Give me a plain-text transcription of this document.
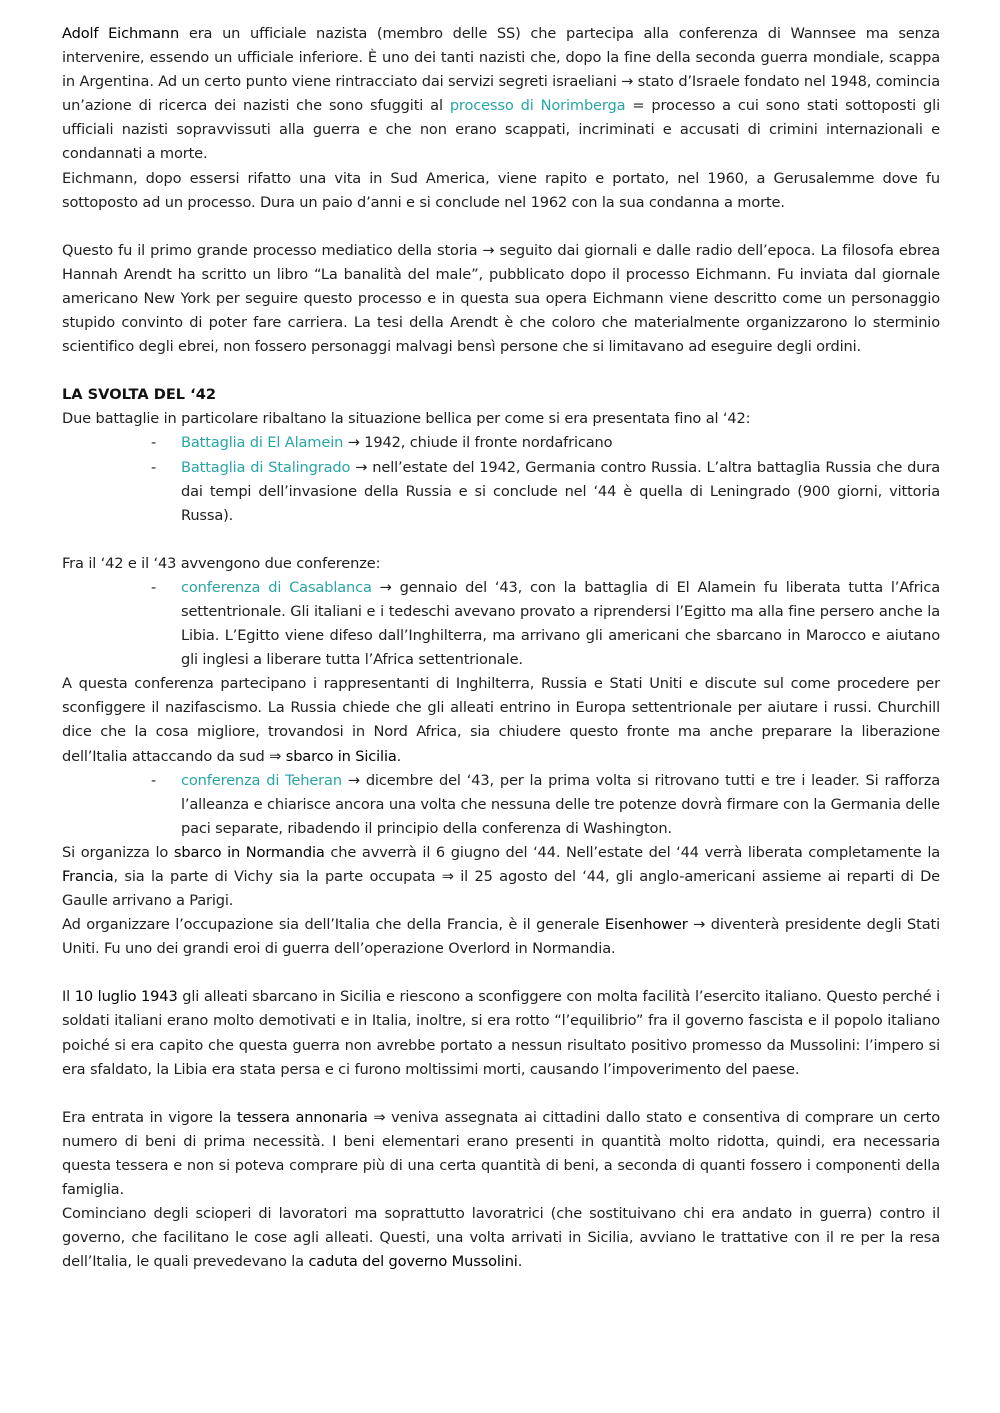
Adolf Eichmann era un ufficiale nazista (membro delle SS) che partecipa alla conferenza di Wannsee ma senza intervenire, essendo un ufficiale inferiore. È uno dei tanti nazisti che, dopo la fine della seconda guerra mondiale, scappa in Argentina. Ad un certo punto viene rintracciato dai servizi segreti israeliani → stato d’Israele fondato nel 1948, comincia un’azione di ricerca dei nazisti che sono sfuggiti al processo di Norimberga = processo a cui sono stati sottoposti gli ufficiali nazisti sopravvissuti alla guerra e che non erano scappati, incriminati e accusati di crimini internazionali e condannati a morte.

Eichmann, dopo essersi rifatto una vita in Sud America, viene rapito e portato, nel 1960, a Gerusalemme dove fu sottoposto ad un processo. Dura un paio d’anni e si conclude nel 1962 con la sua condanna a morte.

Questo fu il primo grande processo mediatico della storia → seguito dai giornali e dalle radio dell’epoca. La filosofa ebrea Hannah Arendt ha scritto un libro “La banalità del male”, pubblicato dopo il processo Eichmann. Fu inviata dal giornale americano New York per seguire questo processo e in questa sua opera Eichmann viene descritto come un personaggio stupido convinto di poter fare carriera. La tesi della Arendt è che coloro che materialmente organizzarono lo sterminio scientifico degli ebrei, non fossero personaggi malvagi bensì persone che si limitavano ad eseguire degli ordini.

LA SVOLTA DEL ‘42

Due battaglie in particolare ribaltano la situazione bellica per come si era presentata fino al ‘42:

- Battaglia di El Alamein → 1942, chiude il fronte nordafricano
- Battaglia di Stalingrado → nell’estate del 1942, Germania contro Russia. L’altra battaglia Russia che dura dai tempi dell’invasione della Russia e si conclude nel ‘44 è quella di Leningrado (900 giorni, vittoria Russa).

Fra il ‘42 e il ‘43 avvengono due conferenze:

- conferenza di Casablanca → gennaio del ‘43, con la battaglia di El Alamein fu liberata tutta l’Africa settentrionale. Gli italiani e i tedeschi avevano provato a riprendersi l’Egitto ma alla fine persero anche la Libia. L’Egitto viene difeso dall’Inghilterra, ma arrivano gli americani che sbarcano in Marocco e aiutano gli inglesi a liberare tutta l’Africa settentrionale.

A questa conferenza partecipano i rappresentanti di Inghilterra, Russia e Stati Uniti e discute sul come procedere per sconfiggere il nazifascismo. La Russia chiede che gli alleati entrino in Europa settentrionale per aiutare i russi. Churchill dice che la cosa migliore, trovandosi in Nord Africa, sia chiudere questo fronte ma anche preparare la liberazione dell’Italia attaccando da sud ⇒ sbarco in Sicilia.

- conferenza di Teheran → dicembre del ‘43, per la prima volta si ritrovano tutti e tre i leader. Si rafforza l’alleanza e chiarisce ancora una volta che nessuna delle tre potenze dovrà firmare con la Germania delle paci separate, ribadendo il principio della conferenza di Washington.

Si organizza lo sbarco in Normandia che avverrà il 6 giugno del ‘44. Nell’estate del ‘44 verrà liberata completamente la Francia, sia la parte di Vichy sia la parte occupata ⇒ il 25 agosto del ‘44, gli anglo-americani assieme ai reparti di De Gaulle arrivano a Parigi.

Ad organizzare l’occupazione sia dell’Italia che della Francia, è il generale Eisenhower → diventerà presidente degli Stati Uniti. Fu uno dei grandi eroi di guerra dell’operazione Overlord in Normandia.

Il 10 luglio 1943 gli alleati sbarcano in Sicilia e riescono a sconfiggere con molta facilità l’esercito italiano. Questo perché i soldati italiani erano molto demotivati e in Italia, inoltre, si era rotto “l’equilibrio” fra il governo fascista e il popolo italiano poiché si era capito che questa guerra non avrebbe portato a nessun risultato positivo promesso da Mussolini: l’impero si era sfaldato, la Libia era stata persa e ci furono moltissimi morti, causando l’impoverimento del paese.

Era entrata in vigore la tessera annonaria ⇒ veniva assegnata ai cittadini dallo stato e consentiva di comprare un certo numero di beni di prima necessità. I beni elementari erano presenti in quantità molto ridotta, quindi, era necessaria questa tessera e non si poteva comprare più di una certa quantità di beni, a seconda di quanti fossero i componenti della famiglia.

Cominciano degli scioperi di lavoratori ma soprattutto lavoratrici (che sostituivano chi era andato in guerra) contro il governo, che facilitano le cose agli alleati. Questi, una volta arrivati in Sicilia, avviano le trattative con il re per la resa dell’Italia, le quali prevedevano la caduta del governo Mussolini.
